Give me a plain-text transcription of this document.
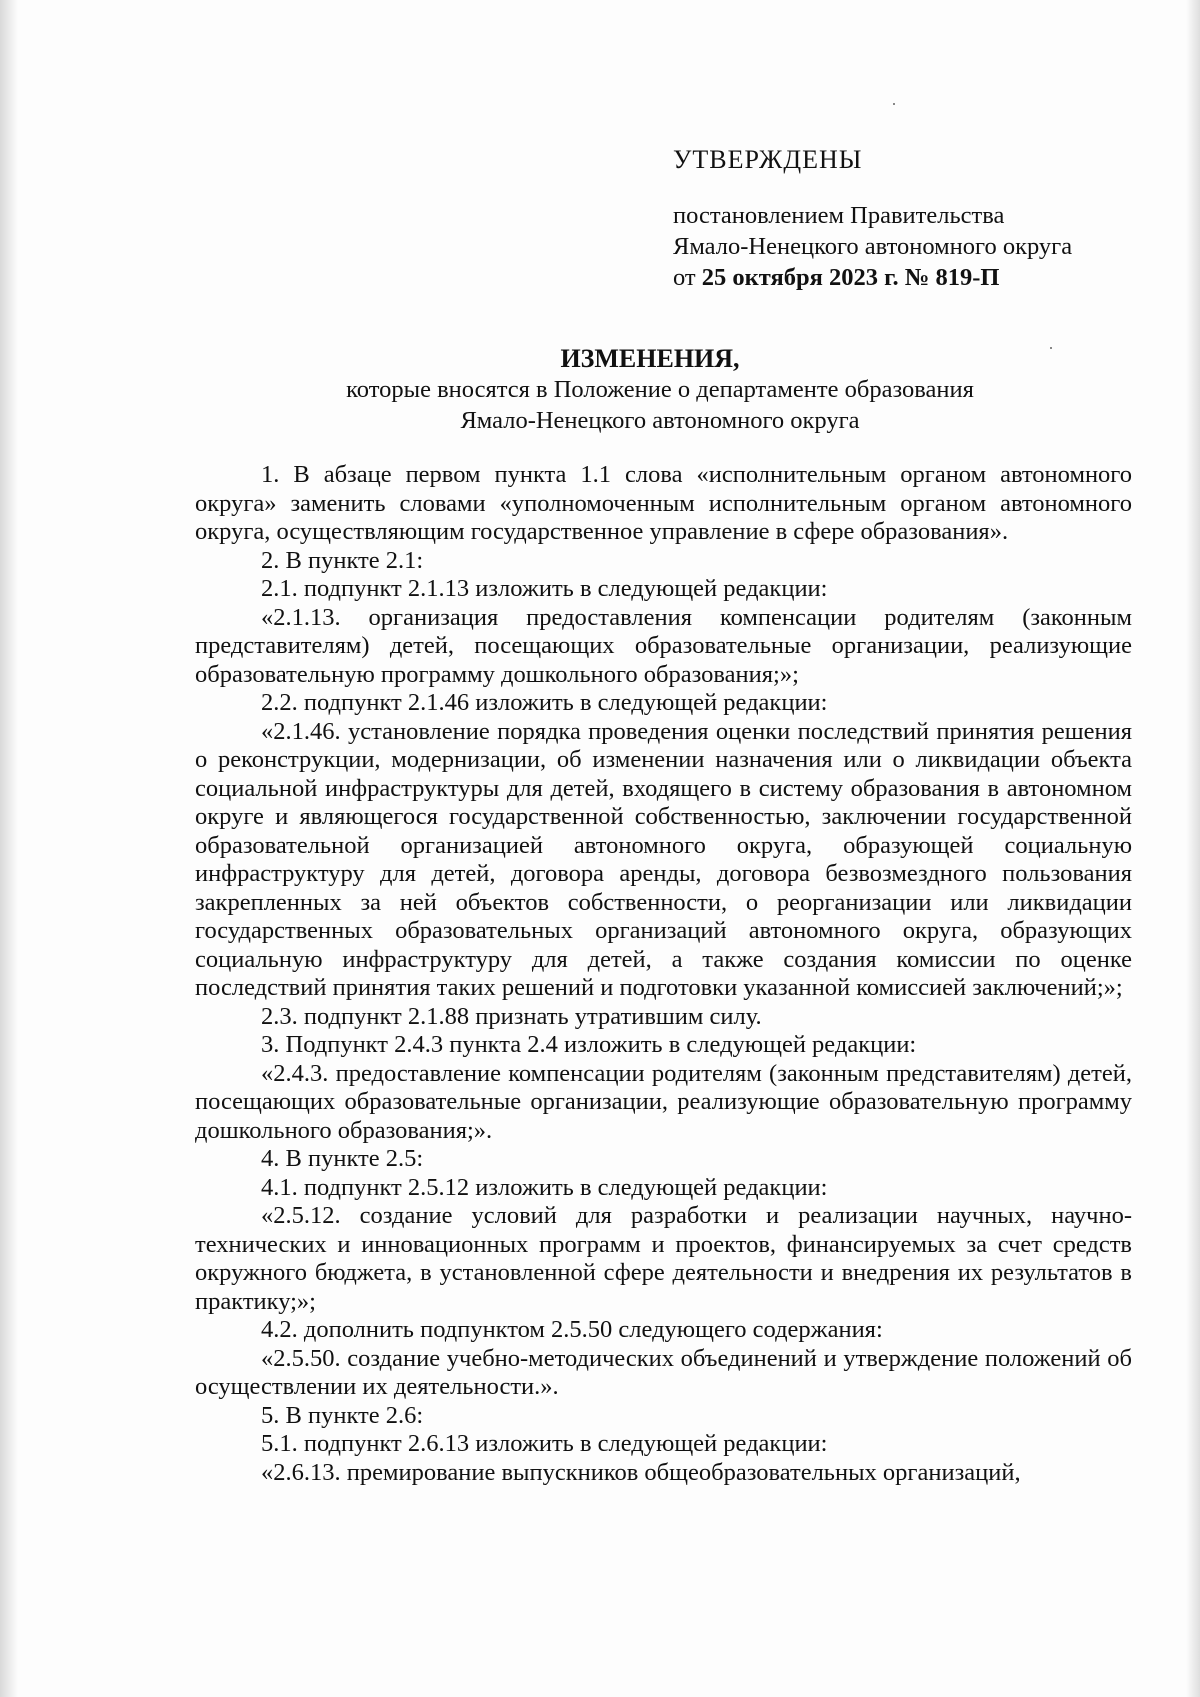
УТВЕРЖДЕНЫ
постановлением Правительства
Ямало-Ненецкого автономного округа
от 25 октября 2023 г. № 819-П
ИЗМЕНЕНИЯ,
которые вносятся в Положение о департаменте образования
Ямало-Ненецкого автономного округа

1. В абзаце первом пункта 1.1 слова «исполнительным органом автономного округа» заменить словами «уполномоченным исполнительным органом автономного округа, осуществляющим государственное управление в сфере образования».

2. В пункте 2.1:

2.1. подпункт 2.1.13 изложить в следующей редакции:

«2.1.13. организация предоставления компенсации родителям (законным представителям) детей, посещающих образовательные организации, реализующие образовательную программу дошкольного образования;»;

2.2. подпункт 2.1.46 изложить в следующей редакции:

«2.1.46. установление порядка проведения оценки последствий принятия решения о реконструкции, модернизации, об изменении назначения или о ликвидации объекта социальной инфраструктуры для детей, входящего в систему образования в автономном округе и являющегося государственной собственностью, заключении государственной образовательной организацией автономного округа, образующей социальную инфраструктуру для детей, договора аренды, договора безвозмездного пользования закрепленных за ней объектов собственности, о реорганизации или ликвидации государственных образовательных организаций автономного округа, образующих социальную инфраструктуру для детей, а также создания комиссии по оценке последствий принятия таких решений и подготовки указанной комиссией заключений;»;

2.3. подпункт 2.1.88 признать утратившим силу.

3. Подпункт 2.4.3 пункта 2.4 изложить в следующей редакции:

«2.4.3. предоставление компенсации родителям (законным представителям) детей, посещающих образовательные организации, реализующие образовательную программу дошкольного образования;».

4. В пункте 2.5:

4.1. подпункт 2.5.12 изложить в следующей редакции:

«2.5.12. создание условий для разработки и реализации научных, научно-технических и инновационных программ и проектов, финансируемых за счет средств окружного бюджета, в установленной сфере деятельности и внедрения их результатов в практику;»;

4.2. дополнить подпунктом 2.5.50 следующего содержания:

«2.5.50. создание учебно-методических объединений и утверждение положений об осуществлении их деятельности.».

5. В пункте 2.6:

5.1. подпункт 2.6.13 изложить в следующей редакции:

«2.6.13. премирование выпускников общеобразовательных организаций,
